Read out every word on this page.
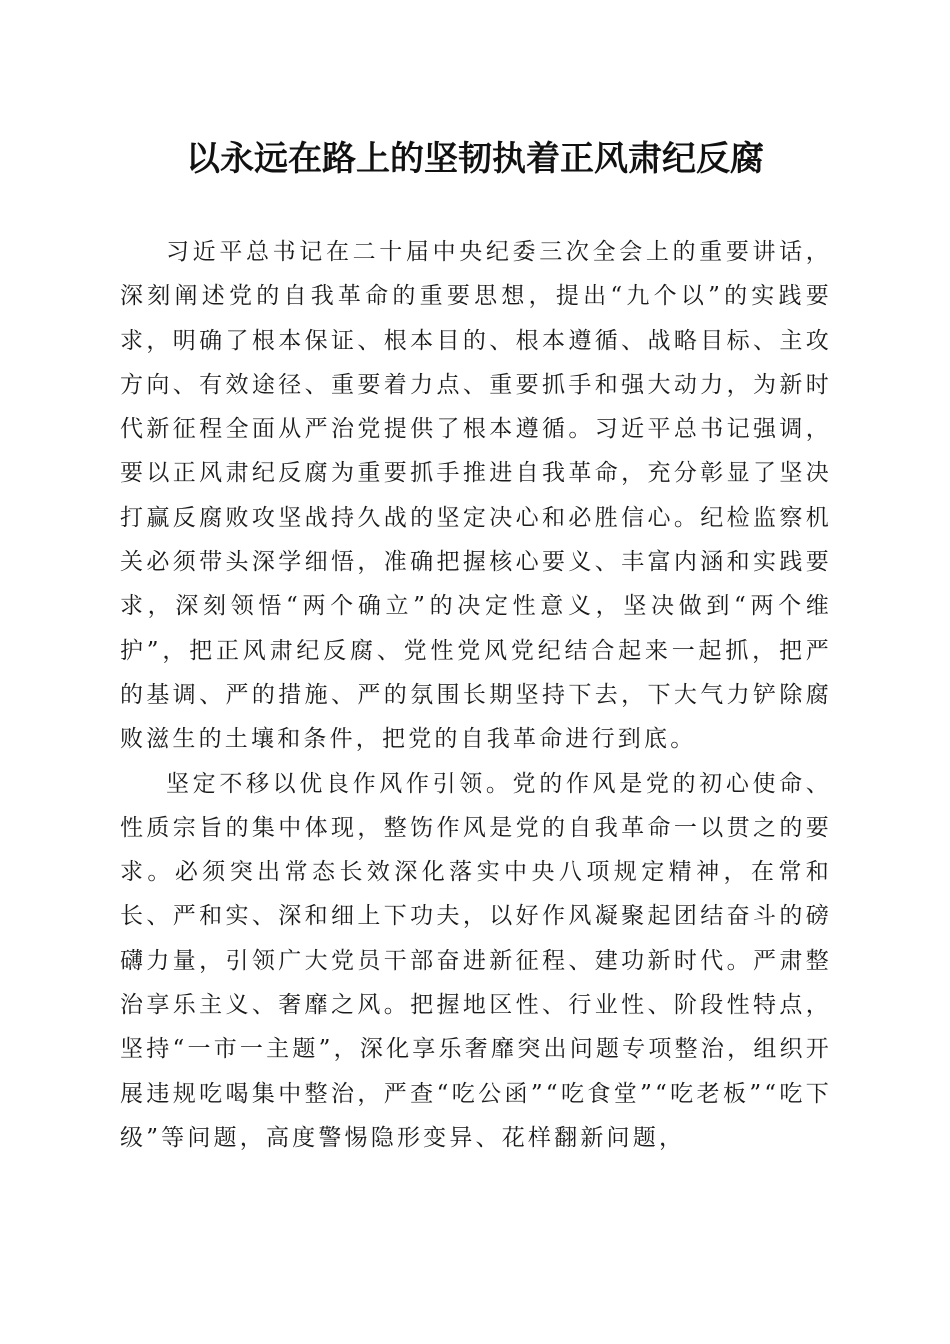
以永远在路上的坚韧执着正风肃纪反腐

习近平总书记在二十届中央纪委三次全会上的重要讲话，深刻阐述党的自我革命的重要思想，提出“九个以”的实践要求，明确了根本保证、根本目的、根本遵循、战略目标、主攻方向、有效途径、重要着力点、重要抓手和强大动力，为新时代新征程全面从严治党提供了根本遵循。习近平总书记强调，要以正风肃纪反腐为重要抓手推进自我革命，充分彰显了坚决打赢反腐败攻坚战持久战的坚定决心和必胜信心。纪检监察机关必须带头深学细悟，准确把握核心要义、丰富内涵和实践要求，深刻领悟“两个确立”的决定性意义，坚决做到“两个维护”，把正风肃纪反腐、党性党风党纪结合起来一起抓，把严的基调、严的措施、严的氛围长期坚持下去，下大气力铲除腐败滋生的土壤和条件，把党的自我革命进行到底。

坚定不移以优良作风作引领。党的作风是党的初心使命、性质宗旨的集中体现，整饬作风是党的自我革命一以贯之的要求。必须突出常态长效深化落实中央八项规定精神，在常和长、严和实、深和细上下功夫，以好作风凝聚起团结奋斗的磅礴力量，引领广大党员干部奋进新征程、建功新时代。严肃整治享乐主义、奢靡之风。把握地区性、行业性、阶段性特点，坚持“一市一主题”，深化享乐奢靡突出问题专项整治，组织开展违规吃喝集中整治，严查“吃公函”“吃食堂”“吃老板”“吃下级”等问题，高度警惕隐形变异、花样翻新问题，
